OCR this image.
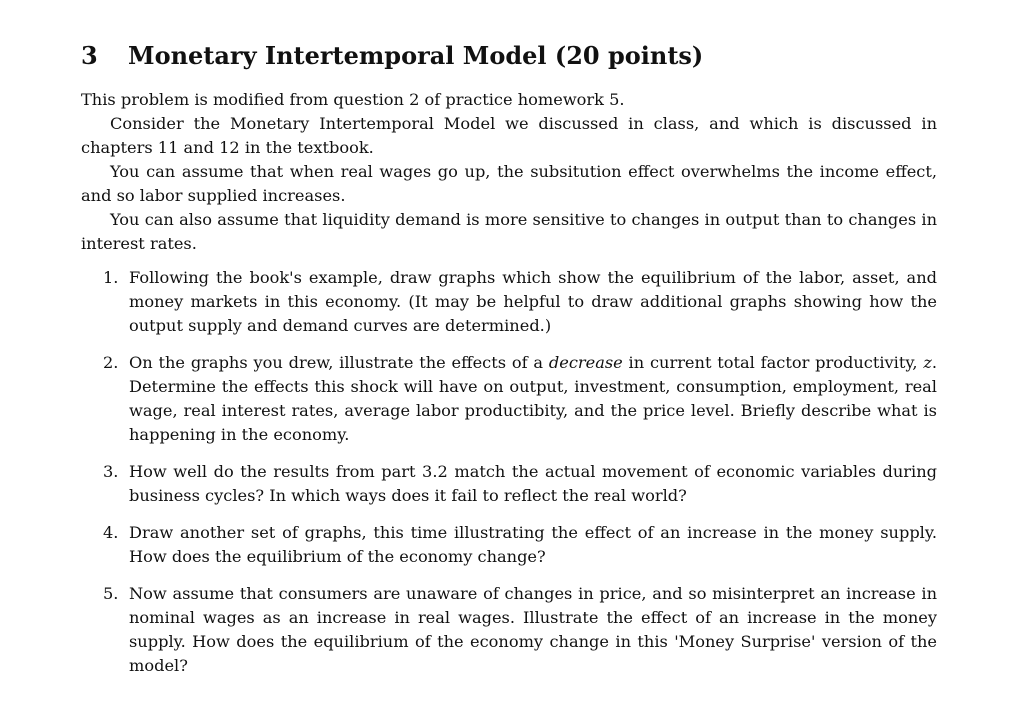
3	Monetary Intertemporal Model (20 points)

This problem is modified from question 2 of practice homework 5.

Consider the Monetary Intertemporal Model we discussed in class, and which is discussed in chapters 11 and 12 in the textbook.

You can assume that when real wages go up, the subsitution effect overwhelms the income effect, and so labor supplied increases.

You can also assume that liquidity demand is more sensitive to changes in output than to changes in interest rates.

1. Following the book's example, draw graphs which show the equilibrium of the labor, asset, and money markets in this economy. (It may be helpful to draw additional graphs showing how the output supply and demand curves are determined.)
2. On the graphs you drew, illustrate the effects of a decrease in current total factor productivity, z. Determine the effects this shock will have on output, investment, consumption, employment, real wage, real interest rates, average labor productibity, and the price level. Briefly describe what is happening in the economy.
3. How well do the results from part 3.2 match the actual movement of economic variables during business cycles? In which ways does it fail to reflect the real world?
4. Draw another set of graphs, this time illustrating the effect of an increase in the money supply. How does the equilibrium of the economy change?
5. Now assume that consumers are unaware of changes in price, and so misinterpret an increase in nominal wages as an increase in real wages. Illustrate the effect of an increase in the money supply. How does the equilibrium of the economy change in this 'Money Surprise' version of the model?
